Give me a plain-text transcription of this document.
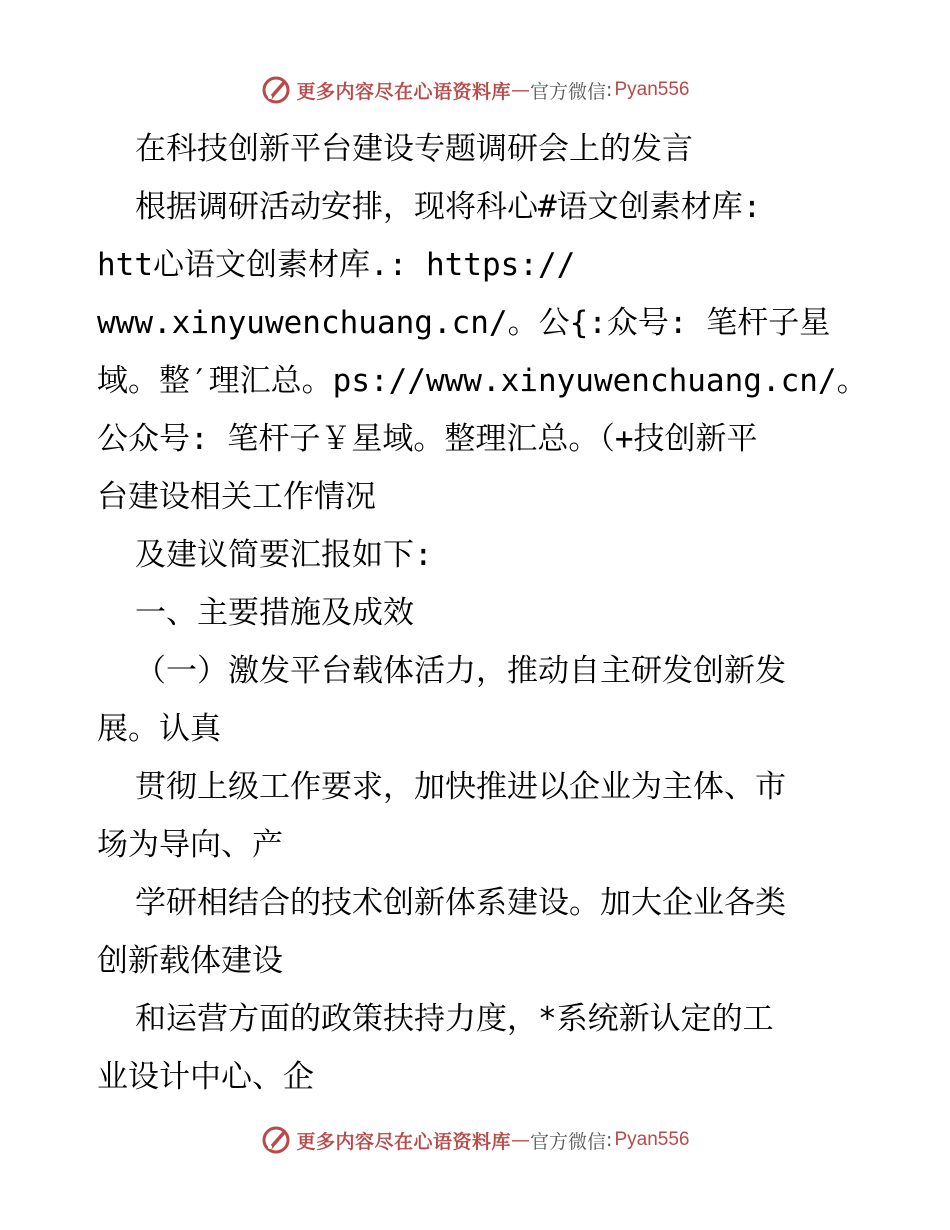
更多内容尽在心语资料库 — 官方微信 : Pyan556
在科技创新平台建设专题调研会上的发言
根据调研活动安排，现将科心#语文创素材库:
htt心语文创素材库.: https://
www.xinyuwenchuang.cn/。公{:众号: 笔杆子星
域。整′理汇总。ps://www.xinyuwenchuang.cn/。
公众号: 笔杆子￥星域。整理汇总。（+技创新平
台建设相关工作情况
及建议简要汇报如下:
一、主要措施及成效
（一）激发平台载体活力，推动自主研发创新发
展。认真
贯彻上级工作要求，加快推进以企业为主体、市
场为导向、产
学研相结合的技术创新体系建设。加大企业各类
创新载体建设
和运营方面的政策扶持力度，*系统新认定的工
业设计中心、企
更多内容尽在心语资料库 — 官方微信 : Pyan556
